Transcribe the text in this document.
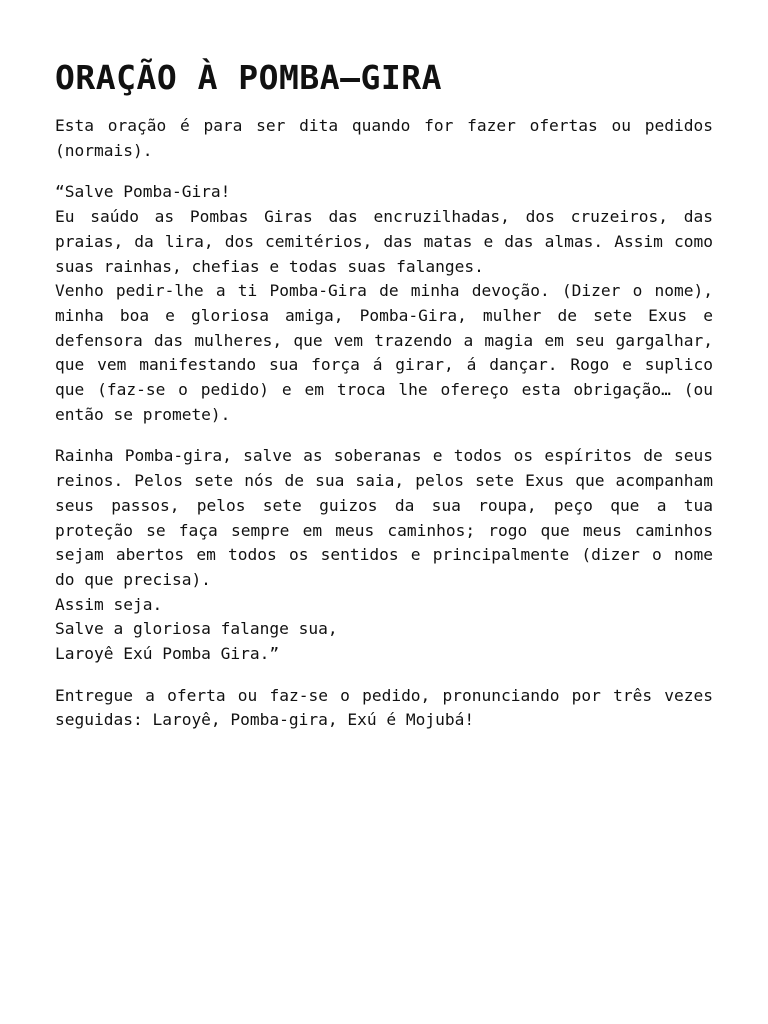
ORAÇÃO À POMBA–GIRA

Esta oração é para ser dita quando for fazer ofertas ou pedidos (normais).

“Salve Pomba-Gira!
Eu saúdo as Pombas Giras das encruzilhadas, dos cruzeiros, das praias, da lira, dos cemitérios, das matas e das almas. Assim como suas rainhas, chefias e todas suas falanges.
Venho pedir-lhe a ti Pomba-Gira de minha devoção. (Dizer o nome), minha boa e gloriosa amiga, Pomba-Gira, mulher de sete Exus e defensora das mulheres, que vem trazendo a magia em seu gargalhar, que vem manifestando sua força á girar, á dançar. Rogo e suplico que (faz-se o pedido) e em troca lhe ofereço esta obrigação… (ou então se promete).
Rainha Pomba-gira, salve as soberanas e todos os espíritos de seus reinos. Pelos sete nós de sua saia, pelos sete Exus que acompanham seus passos, pelos sete guizos da sua roupa, peço que a tua proteção se faça sempre em meus caminhos; rogo que meus caminhos sejam abertos em todos os sentidos e principalmente (dizer o nome do que precisa).
Assim seja.
Salve a gloriosa falange sua,
Laroyê Exú Pomba Gira.”

Entregue a oferta ou faz-se o pedido, pronunciando por três vezes seguidas: Laroyê, Pomba-gira, Exú é Mojubá!
